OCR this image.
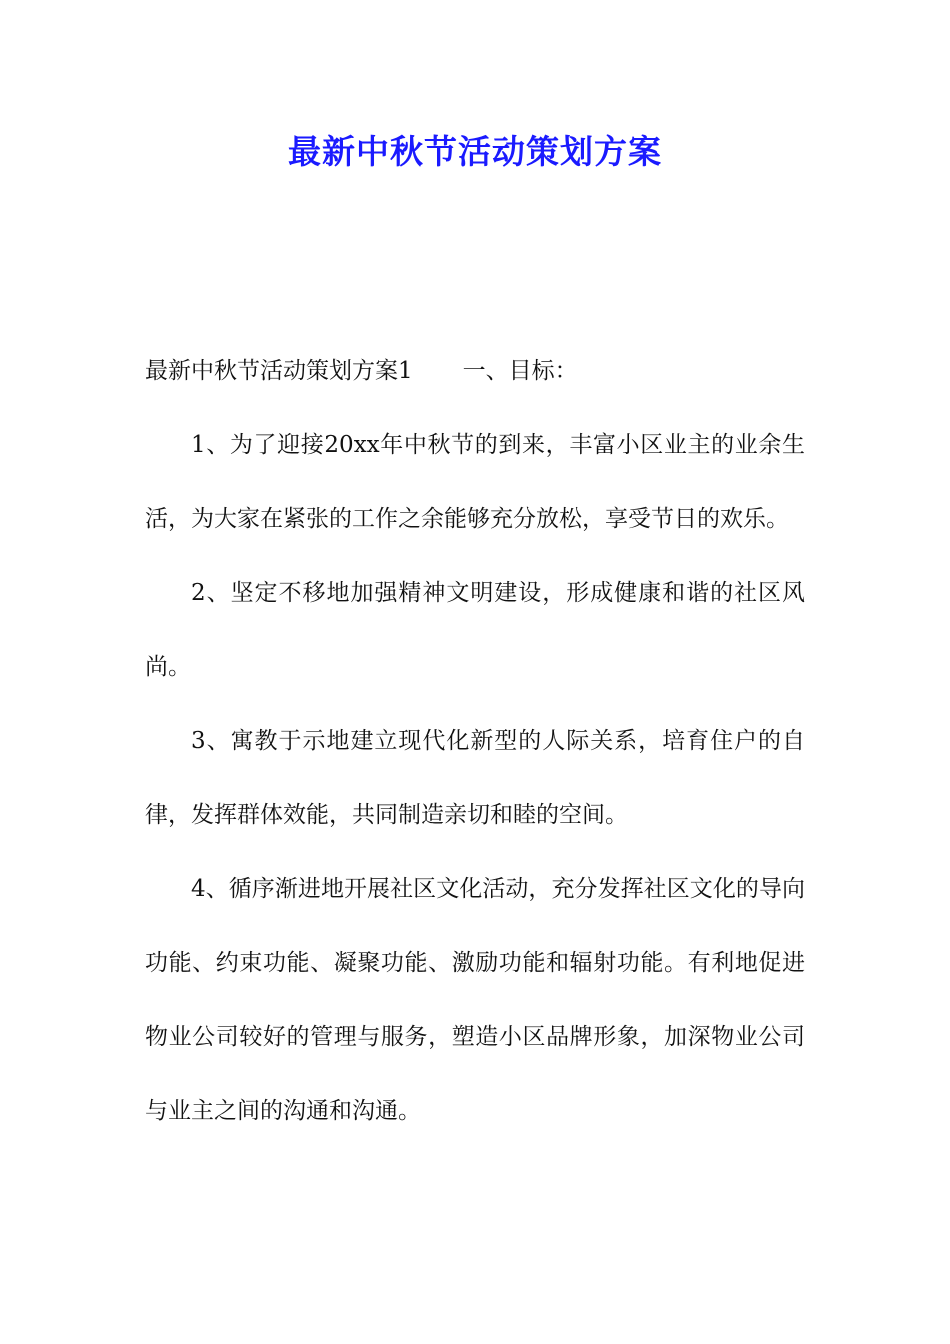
最新中秋节活动策划方案

最新中秋节活动策划方案1 一、目标：

1、为了迎接20xx年中秋节的到来，丰富小区业主的业余生活，为大家在紧张的工作之余能够充分放松，享受节日的欢乐。

2、坚定不移地加强精神文明建设，形成健康和谐的社区风尚。

3、寓教于示地建立现代化新型的人际关系，培育住户的自律，发挥群体效能，共同制造亲切和睦的空间。

4、循序渐进地开展社区文化活动，充分发挥社区文化的导向功能、约束功能、凝聚功能、激励功能和辐射功能。有利地促进物业公司较好的管理与服务，塑造小区品牌形象，加深物业公司与业主之间的沟通和沟通。
